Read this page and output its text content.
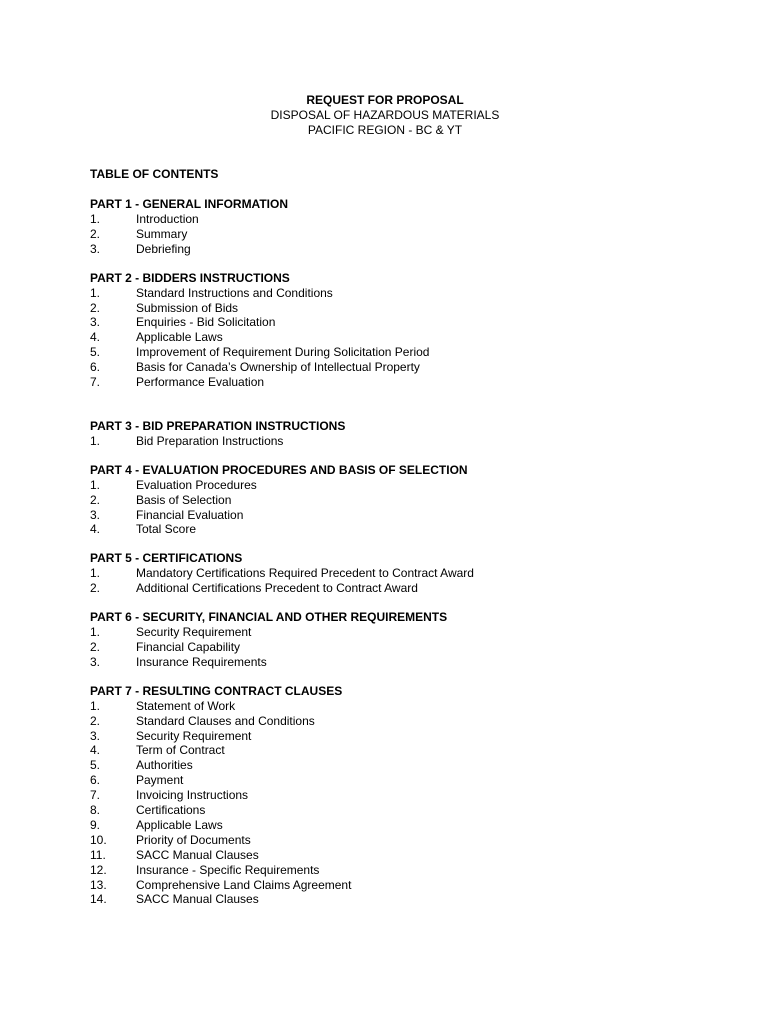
REQUEST FOR PROPOSAL
DISPOSAL OF HAZARDOUS MATERIALS
PACIFIC REGION - BC & YT
TABLE OF CONTENTS
PART 1 - GENERAL INFORMATION
1.	Introduction
2.	Summary
3.	Debriefing
PART 2 - BIDDERS INSTRUCTIONS
1.	Standard Instructions and Conditions
2.	Submission of Bids
3.	Enquiries - Bid Solicitation
4.	Applicable Laws
5.	Improvement of Requirement During Solicitation Period
6.	Basis for Canada’s Ownership of Intellectual Property
7.	Performance Evaluation
PART 3 - BID PREPARATION INSTRUCTIONS
1.	Bid Preparation Instructions
PART 4 - EVALUATION PROCEDURES AND BASIS OF SELECTION
1.	Evaluation Procedures
2.	Basis of Selection
3.	Financial Evaluation
4.	Total Score
PART 5 - CERTIFICATIONS
1.	Mandatory Certifications Required Precedent to Contract Award
2.	Additional Certifications Precedent to Contract Award
PART 6 - SECURITY, FINANCIAL AND OTHER REQUIREMENTS
1.	Security Requirement
2.	Financial Capability
3.	Insurance Requirements
PART 7 - RESULTING CONTRACT CLAUSES
1.	Statement of Work
2.	Standard Clauses and Conditions
3.	Security Requirement
4.	Term of Contract
5.	Authorities
6.	Payment
7.	Invoicing Instructions
8.	Certifications
9.	Applicable Laws
10.	Priority of Documents
11.	SACC Manual Clauses
12.	Insurance - Specific Requirements
13.	Comprehensive Land Claims Agreement
14.	SACC Manual Clauses
